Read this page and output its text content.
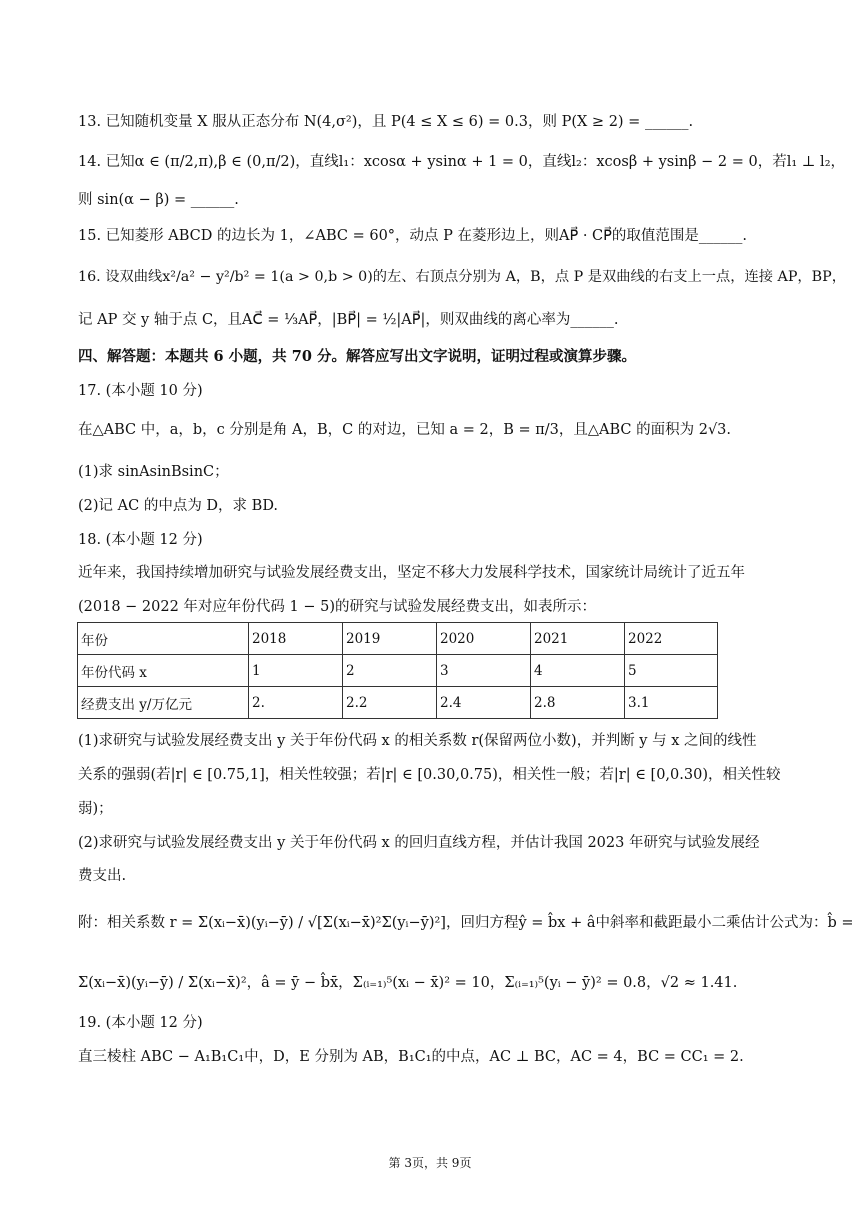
13. 已知随机变量 X 服从正态分布 N(4,σ²)，且 P(4 ≤ X ≤ 6) = 0.3，则 P(X ≥ 2) = ______.
14. 已知α ∈ (π/2,π),β ∈ (0,π/2)，直线l₁：xcosα + ysinα + 1 = 0，直线l₂：xcosβ + ysinβ − 2 = 0，若l₁ ⊥ l₂，
则 sin(α − β) = ______.
15. 已知菱形 ABCD 的边长为 1，∠ABC = 60°，动点 P 在菱形边上，则AP⃗ · CP⃗的取值范围是______.
16. 设双曲线x²/a² − y²/b² = 1(a > 0,b > 0)的左、右顶点分别为 A，B，点 P 是双曲线的右支上一点，连接 AP，BP，
记 AP 交 y 轴于点 C，且AC⃗ = ⅓AP⃗，|BP⃗| = ½|AP⃗|，则双曲线的离心率为______.
四、解答题：本题共 6 小题，共 70 分。解答应写出文字说明，证明过程或演算步骤。
17. (本小题 10 分)
在△ABC 中，a，b，c 分别是角 A，B，C 的对边，已知 a = 2，B = π/3，且△ABC 的面积为 2√3.
(1)求 sinAsinBsinC；
(2)记 AC 的中点为 D，求 BD.
18. (本小题 12 分)
近年来，我国持续增加研究与试验发展经费支出，坚定不移大力发展科学技术，国家统计局统计了近五年
(2018 − 2022 年对应年份代码 1 − 5)的研究与试验发展经费支出，如表所示：
年份	2018	2019	2020	2021	2022
年份代码 x	1	2	3	4	5
经费支出 y/万亿元	2.	2.2	2.4	2.8	3.1
(1)求研究与试验发展经费支出 y 关于年份代码 x 的相关系数 r(保留两位小数)，并判断 y 与 x 之间的线性
关系的强弱(若|r| ∈ [0.75,1]，相关性较强；若|r| ∈ [0.30,0.75)，相关性一般；若|r| ∈ [0,0.30)，相关性较
弱)；
(2)求研究与试验发展经费支出 y 关于年份代码 x 的回归直线方程，并估计我国 2023 年研究与试验发展经
费支出.
附：相关系数 r = Σ(xᵢ−x̄)(yᵢ−ȳ) / √[Σ(xᵢ−x̄)²Σ(yᵢ−ȳ)²]，回归方程ŷ = b̂x + â中斜率和截距最小二乘估计公式为：b̂ =
Σ(xᵢ−x̄)(yᵢ−ȳ) / Σ(xᵢ−x̄)²，â = ȳ − b̂x̄，Σ₍ᵢ₌₁₎⁵(xᵢ − x̄)² = 10，Σ₍ᵢ₌₁₎⁵(yᵢ − ȳ)² = 0.8，√2 ≈ 1.41.
19. (本小题 12 分)
直三棱柱 ABC − A₁B₁C₁中，D，E 分别为 AB，B₁C₁的中点，AC ⊥ BC，AC = 4，BC = CC₁ = 2.
第 3页，共 9页
